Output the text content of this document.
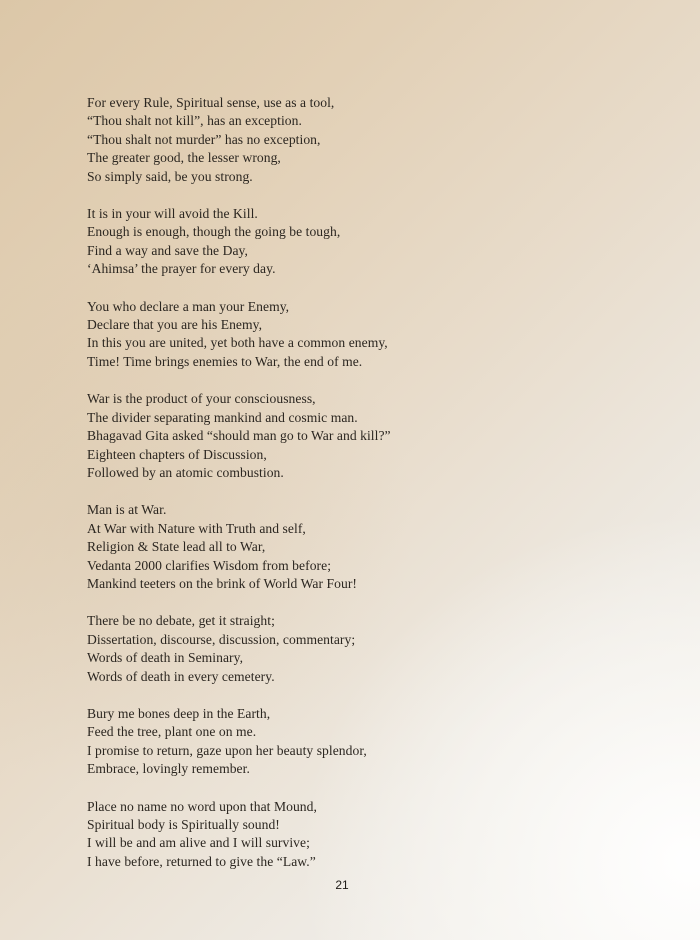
For every Rule, Spiritual sense, use as a tool,
“Thou shalt not kill”, has an exception.
“Thou shalt not murder” has no exception,
The greater good, the lesser wrong,
So simply said, be you strong.
It is in your will avoid the Kill.
Enough is enough, though the going be tough,
Find a way and save the Day,
‘Ahimsa’ the prayer for every day.
You who declare a man your Enemy,
Declare that you are his Enemy,
In this you are united, yet both have a common enemy,
Time! Time brings enemies to War, the end of me.
War is the product of your consciousness,
The divider separating mankind and cosmic man.
Bhagavad Gita asked “should man go to War and kill?”
Eighteen chapters of Discussion,
Followed by an atomic combustion.
Man is at War.
At War with Nature with Truth and self,
Religion & State lead all to War,
Vedanta 2000 clarifies Wisdom from before;
Mankind teeters on the brink of World War Four!
There be no debate, get it straight;
Dissertation, discourse, discussion, commentary;
Words of death in Seminary,
Words of death in every cemetery.
Bury me bones deep in the Earth,
Feed the tree, plant one on me.
I promise to return, gaze upon her beauty splendor,
Embrace, lovingly remember.
Place no name no word upon that Mound,
Spiritual body is Spiritually sound!
I will be and am alive and I will survive;
I have before, returned to give the “Law.”
21
